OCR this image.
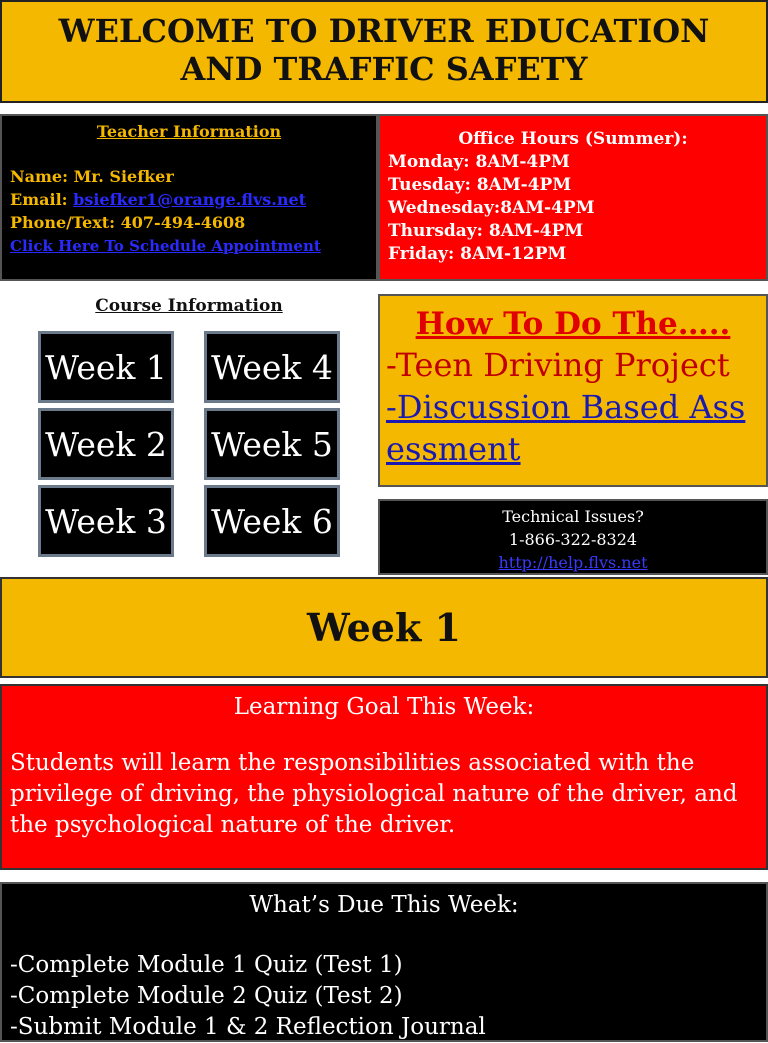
WELCOME TO DRIVER EDUCATION
AND TRAFFIC SAFETY
Teacher Information
Name: Mr. Siefker
Email: bsiefker1@orange.flvs.net
Phone/Text: 407-494-4608
Click Here To Schedule Appointment
Office Hours (Summer):
Monday: 8AM-4PM
Tuesday: 8AM-4PM
Wednesday:8AM-4PM
Thursday: 8AM-4PM
Friday: 8AM-12PM
Course Information
Week 1
Week 2
Week 3
Week 4
Week 5
Week 6
How To Do The…..
-Teen Driving Project
-Discussion Based Assessment
Technical Issues?
1-866-322-8324
http://help.flvs.net
Week 1
Learning Goal This Week:
Students will learn the responsibilities associated with the privilege of driving, the physiological nature of the driver, and the psychological nature of the driver.
What’s Due This Week:
-Complete Module 1 Quiz (Test 1)
-Complete Module 2 Quiz (Test 2)
-Submit Module 1 & 2 Reflection Journal
